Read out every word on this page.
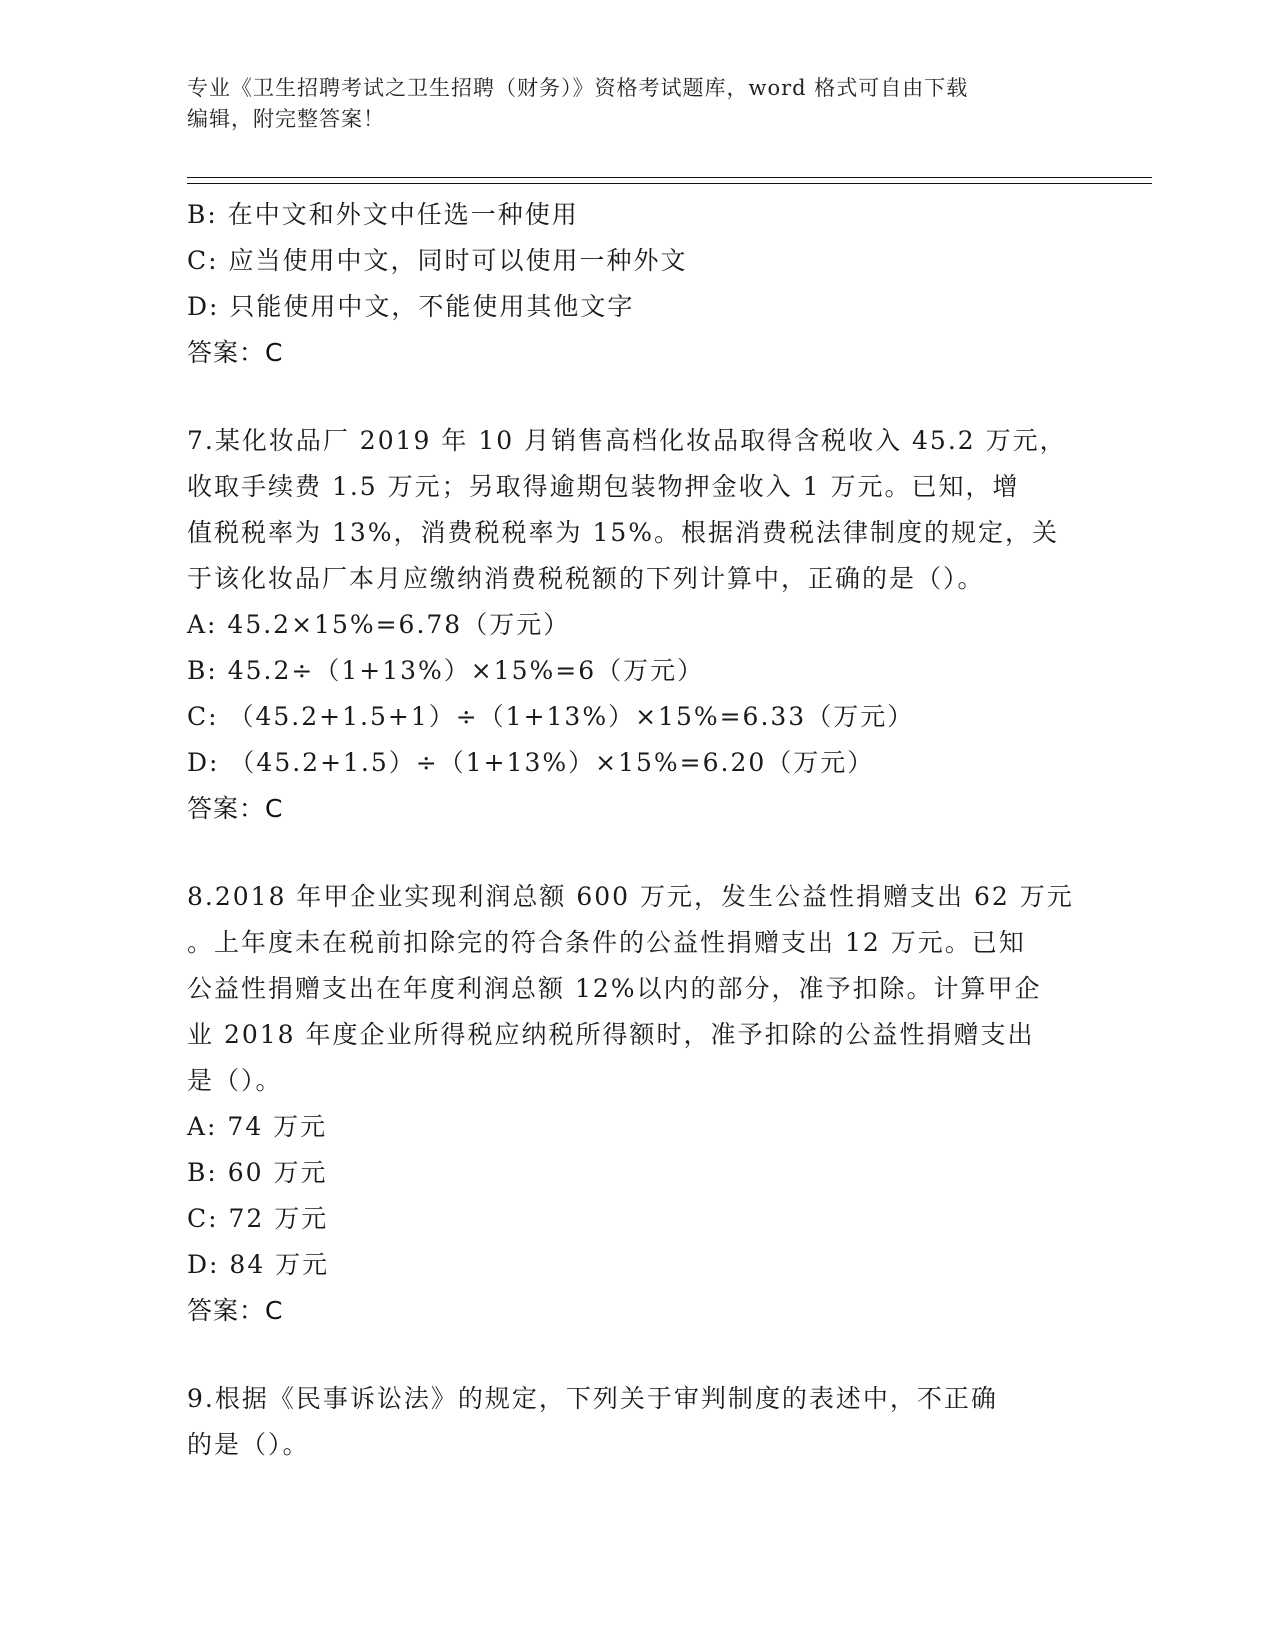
专业《卫生招聘考试之卫生招聘（财务）》资格考试题库，word 格式可自由下载
编辑，附完整答案！
B: 在中文和外文中任选一种使用
C: 应当使用中文，同时可以使用一种外文
D: 只能使用中文，不能使用其他文字
答案：C
7.某化妆品厂 2019 年 10 月销售高档化妆品取得含税收入 45.2 万元，
收取手续费 1.5 万元；另取得逾期包装物押金收入 1 万元。已知，增
值税税率为 13%，消费税税率为 15%。根据消费税法律制度的规定，关
于该化妆品厂本月应缴纳消费税税额的下列计算中，正确的是（）。
A: 45.2×15%=6.78（万元）
B: 45.2÷（1+13%）×15%=6（万元）
C: （45.2+1.5+1）÷（1+13%）×15%=6.33（万元）
D: （45.2+1.5）÷（1+13%）×15%=6.20（万元）
答案：C
8.2018 年甲企业实现利润总额 600 万元，发生公益性捐赠支出 62 万元
。上年度未在税前扣除完的符合条件的公益性捐赠支出 12 万元。已知
公益性捐赠支出在年度利润总额 12%以内的部分，准予扣除。计算甲企
业 2018 年度企业所得税应纳税所得额时，准予扣除的公益性捐赠支出
是（）。
A: 74 万元
B: 60 万元
C: 72 万元
D: 84 万元
答案：C
9.根据《民事诉讼法》的规定，下列关于审判制度的表述中，不正确
的是（）。
